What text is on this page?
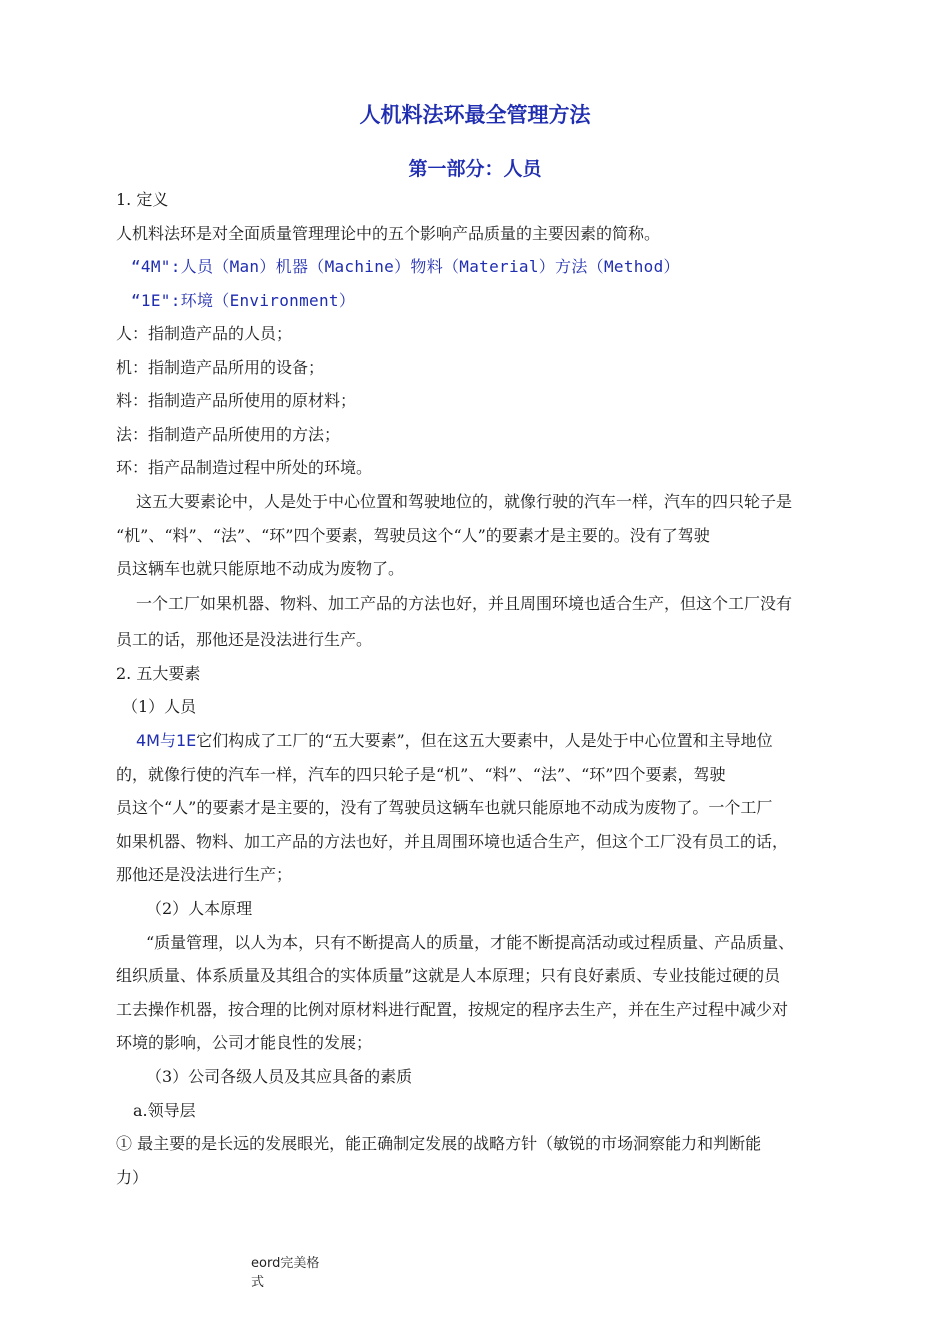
人机料法环最全管理方法
第一部分：人员
1. 定义
人机料法环是对全面质量管理理论中的五个影响产品质量的主要因素的简称。
“4M":人员（Man）机器（Machine）物料（Material）方法（Method）
“1E":环境（Environment）
人：指制造产品的人员；
机：指制造产品所用的设备；
料：指制造产品所使用的原材料；
法：指制造产品所使用的方法；
环：指产品制造过程中所处的环境。
这五大要素论中，人是处于中心位置和驾驶地位的，就像行驶的汽车一样，汽车的四只轮子是
“机”、“料”、“法”、“环”四个要素，驾驶员这个“人”的要素才是主要的。没有了驾驶
员这辆车也就只能原地不动成为废物了。
一个工厂如果机器、物料、加工产品的方法也好，并且周围环境也适合生产，但这个工厂没有
员工的话，那他还是没法进行生产。
2. 五大要素
（1）人员
4M与1E它们构成了工厂的“五大要素”，但在这五大要素中，人是处于中心位置和主导地位
的，就像行使的汽车一样，汽车的四只轮子是“机”、“料”、“法”、“环”四个要素，驾驶
员这个“人”的要素才是主要的，没有了驾驶员这辆车也就只能原地不动成为废物了。一个工厂
如果机器、物料、加工产品的方法也好，并且周围环境也适合生产，但这个工厂没有员工的话，
那他还是没法进行生产；
（2）人本原理
“质量管理，以人为本，只有不断提高人的质量，才能不断提高活动或过程质量、产品质量、
组织质量、体系质量及其组合的实体质量”这就是人本原理；只有良好素质、专业技能过硬的员
工去操作机器，按合理的比例对原材料进行配置，按规定的程序去生产，并在生产过程中减少对
环境的影响，公司才能良性的发展；
（3）公司各级人员及其应具备的素质
a.领导层
① 最主要的是长远的发展眼光，能正确制定发展的战略方针（敏锐的市场洞察能力和判断能
力）
eord完美格
式
